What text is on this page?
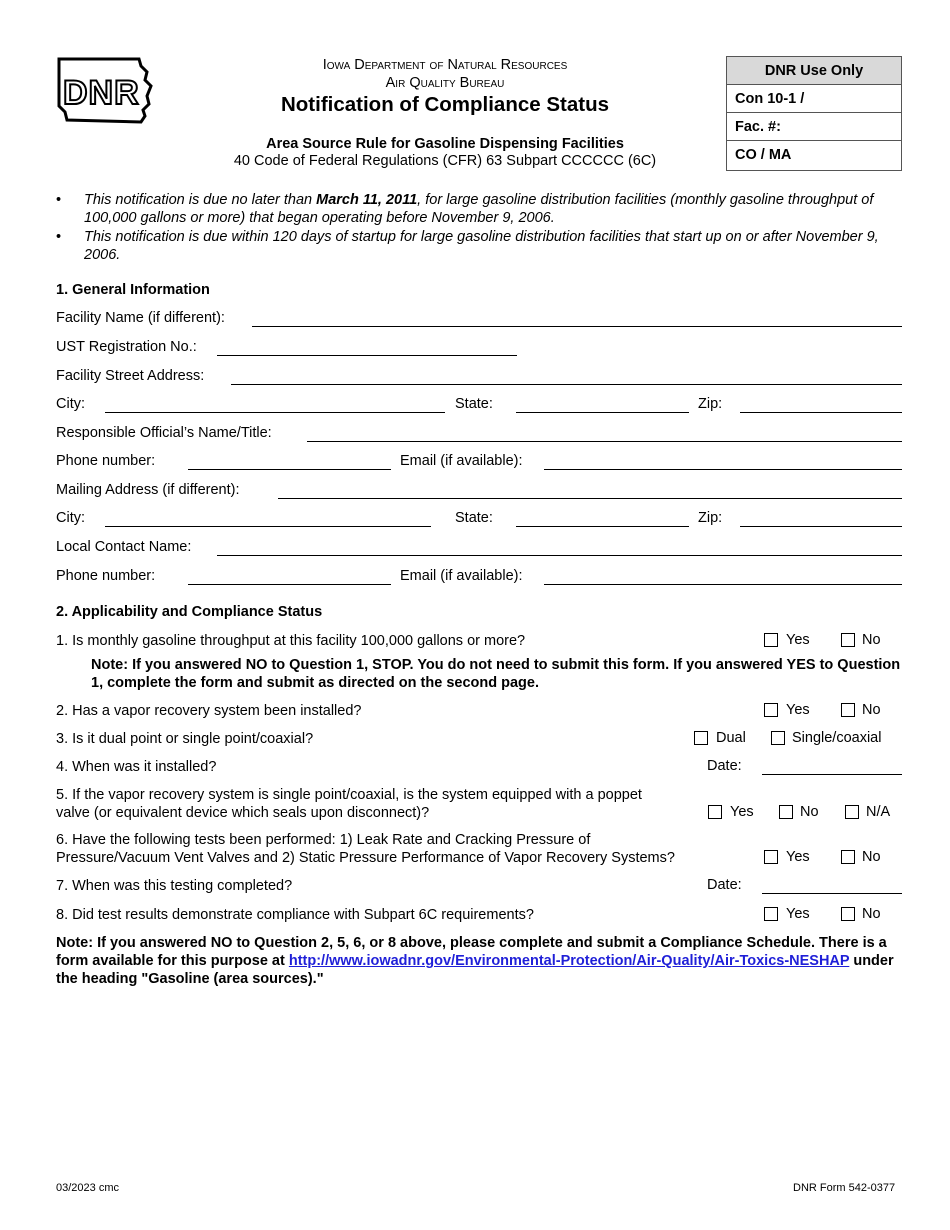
DNR
Iowa Department of Natural Resources
Air Quality Bureau
Notification of Compliance Status
Area Source Rule for Gasoline Dispensing Facilities
40 Code of Federal Regulations (CFR) 63 Subpart CCCCCC (6C)
DNR Use Only
Con 10-1 /
Fac. #:
CO / MA
• This notification is due no later than March 11, 2011, for large gasoline distribution facilities (monthly gasoline throughput of 100,000 gallons or more) that began operating before November 9, 2006.
• This notification is due within 120 days of startup for large gasoline distribution facilities that start up on or after November 9, 2006.
1. General Information
Facility Name (if different):
UST Registration No.:
Facility Street Address:
City:	State:	Zip:
Responsible Official’s Name/Title:
Phone number:	Email (if available):
Mailing Address (if different):
City:	State:	Zip:
Local Contact Name:
Phone number:	Email (if available):
2. Applicability and Compliance Status
1. Is monthly gasoline throughput at this facility 100,000 gallons or more?	Yes	No
Note: If you answered NO to Question 1, STOP. You do not need to submit this form. If you answered YES to Question 1, complete the form and submit as directed on the second page.
2. Has a vapor recovery system been installed?	Yes	No
3. Is it dual point or single point/coaxial?	Dual	Single/coaxial
4. When was it installed?	Date:
5. If the vapor recovery system is single point/coaxial, is the system equipped with a poppet
valve (or equivalent device which seals upon disconnect)?	Yes	No	N/A
6. Have the following tests been performed: 1) Leak Rate and Cracking Pressure of
Pressure/Vacuum Vent Valves and 2) Static Pressure Performance of Vapor Recovery Systems?	Yes	No
7. When was this testing completed?	Date:
8. Did test results demonstrate compliance with Subpart 6C requirements?	Yes	No
Note: If you answered NO to Question 2, 5, 6, or 8 above, please complete and submit a Compliance Schedule. There is a form available for this purpose at http://www.iowadnr.gov/Environmental-Protection/Air-Quality/Air-Toxics-NESHAP under the heading "Gasoline (area sources)."
03/2023 cmc	DNR Form 542-0377
